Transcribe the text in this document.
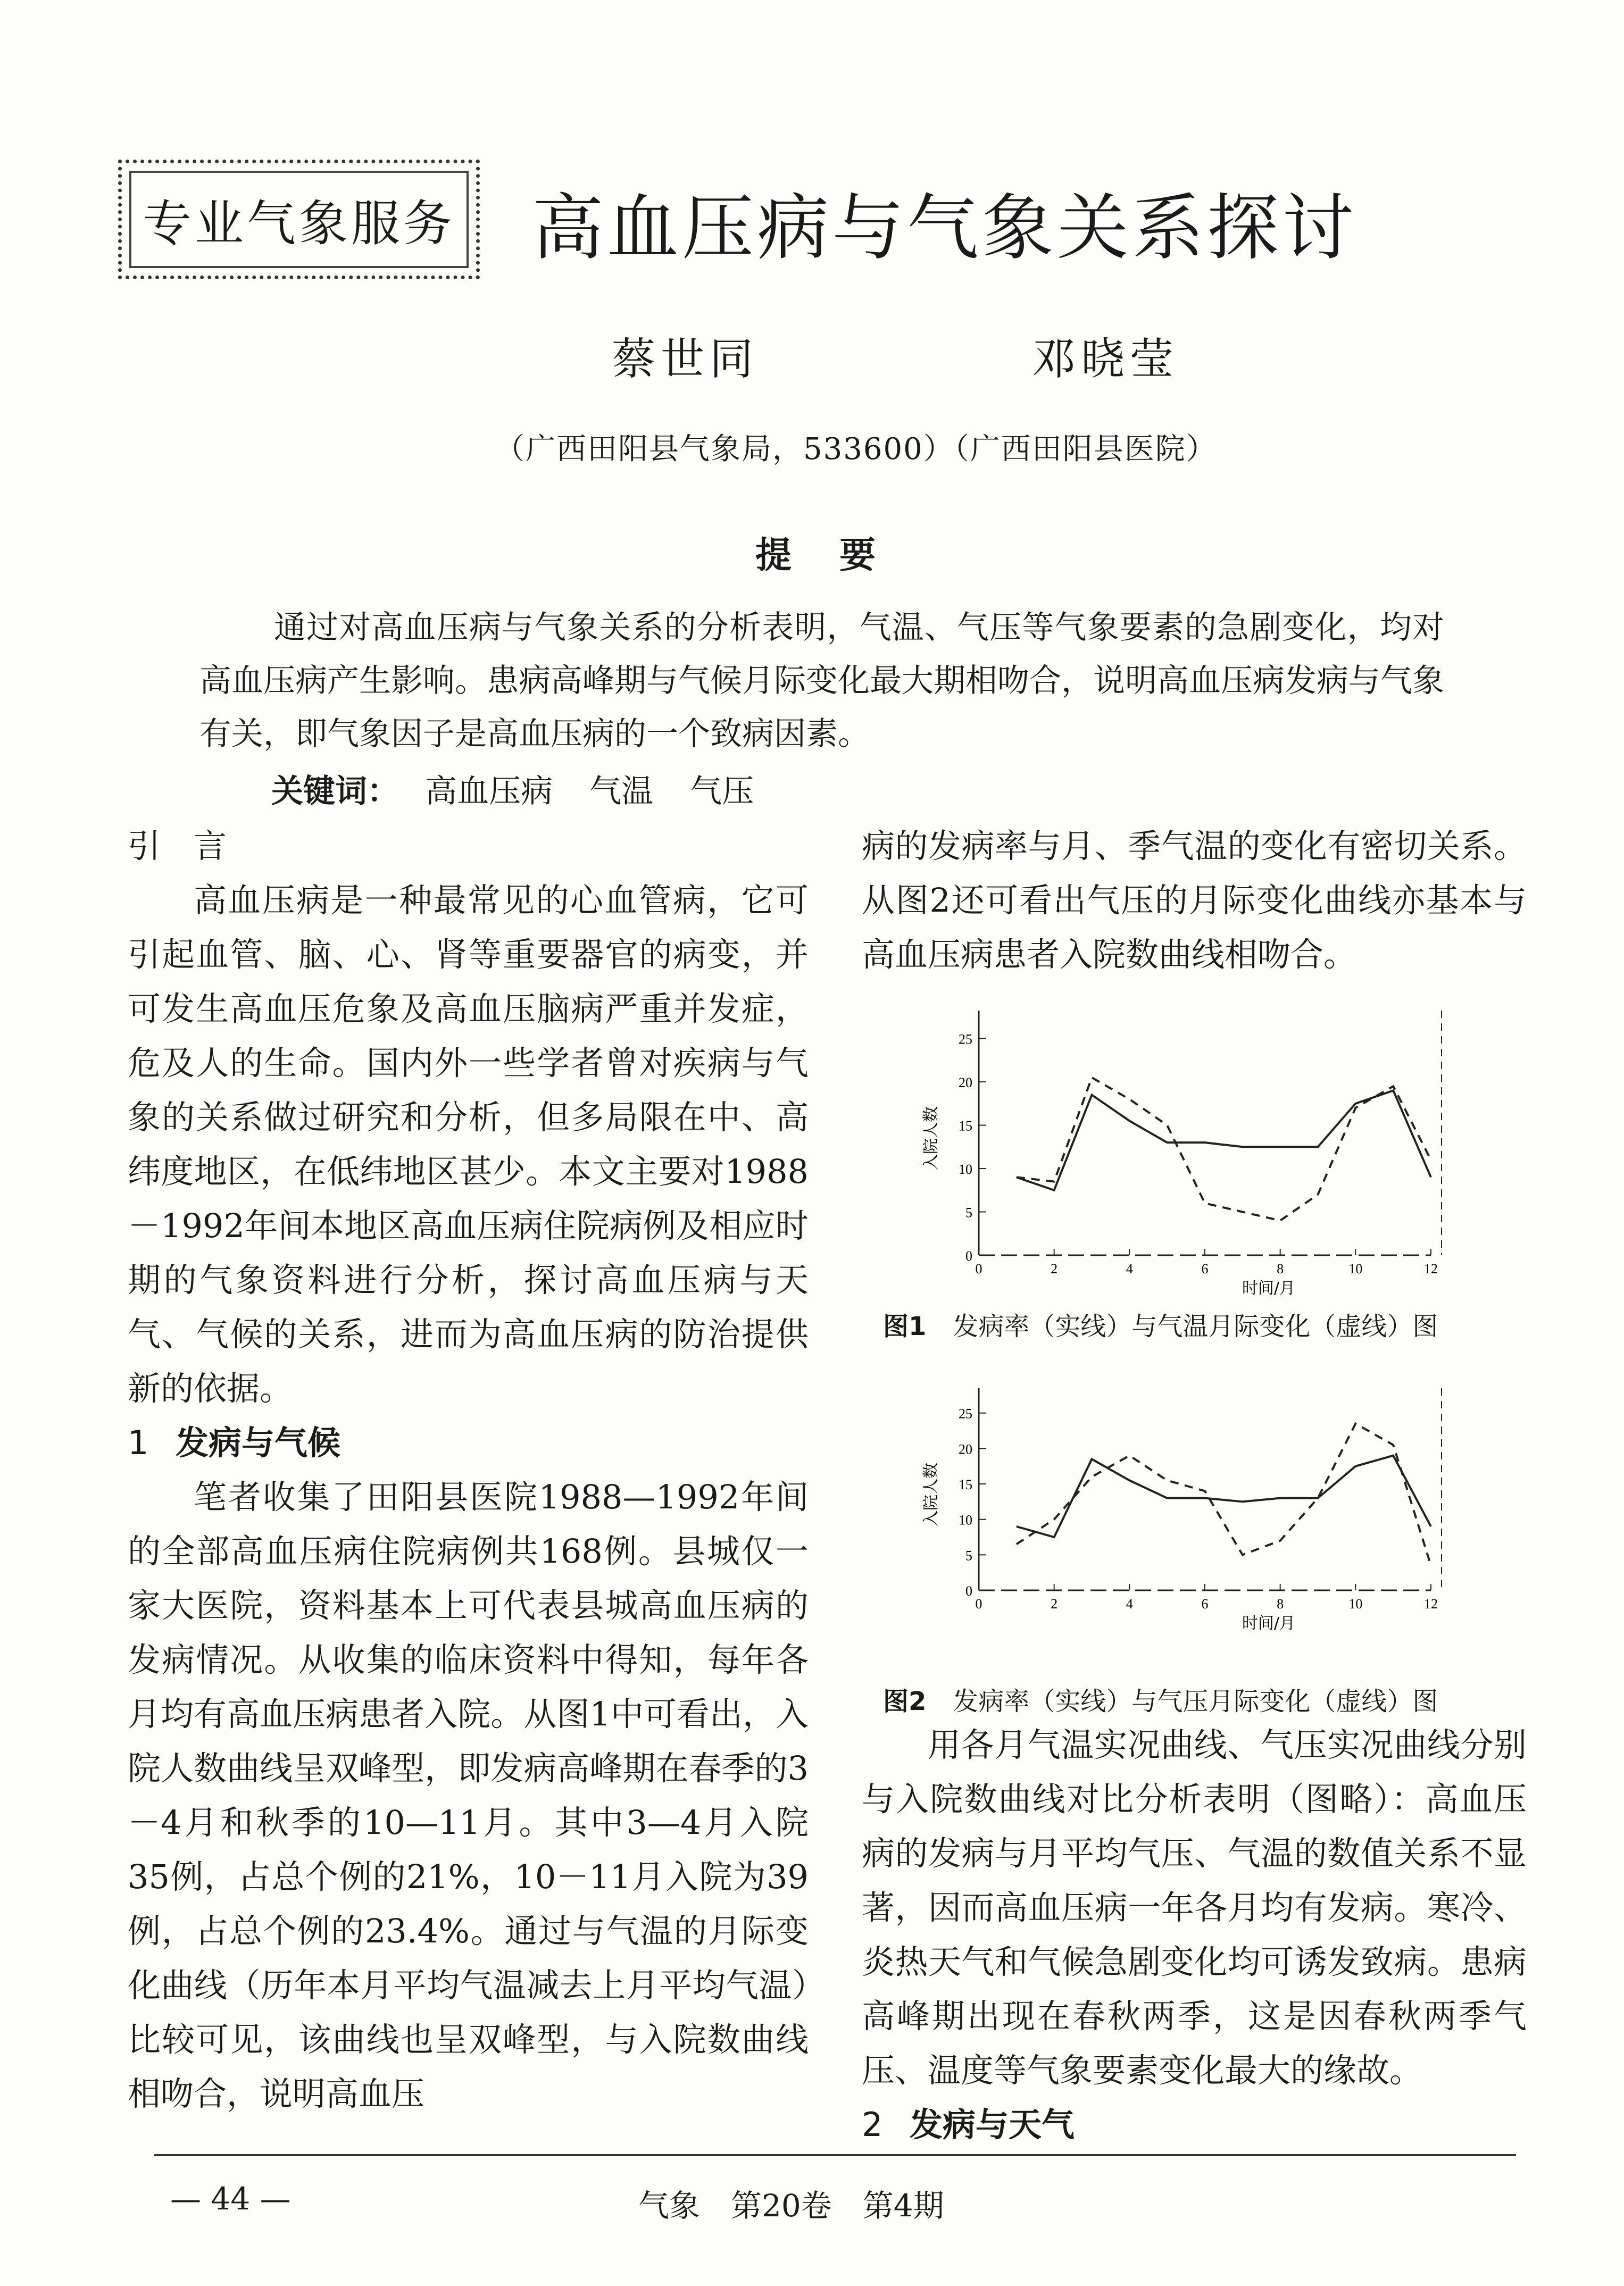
专业气象服务 高血压病与气象关系探讨
蔡世同	邓晓莹
（广西田阳县气象局，533600）（广西田阳县医院）
提要
通过对高血压病与气象关系的分析表明，气温、气压等气象要素的急剧变化，均对高血压病产生影响。患病高峰期与气候月际变化最大期相吻合，说明高血压病发病与气象有关，即气象因子是高血压病的一个致病因素。
关键词： 高血压病 气温 气压
引　言

高血压病是一种最常见的心血管病，它可引起血管、脑、心、肾等重要器官的病变，并可发生高血压危象及高血压脑病严重并发症，危及人的生命。国内外一些学者曾对疾病与气象的关系做过研究和分析，但多局限在中、高纬度地区，在低纬地区甚少。本文主要对1988－1992年间本地区高血压病住院病例及相应时期的气象资料进行分析，探讨高血压病与天气、气候的关系，进而为高血压病的防治提供新的依据。

1 发病与气候

笔者收集了田阳县医院1988—1992年间的全部高血压病住院病例共168例。县城仅一家大医院，资料基本上可代表县城高血压病的发病情况。从收集的临床资料中得知，每年各月均有高血压病患者入院。从图1中可看出，入院人数曲线呈双峰型，即发病高峰期在春季的3－4月和秋季的10—11月。其中3—4月入院35例，占总个例的21%，10－11月入院为39例，占总个例的23.4%。通过与气温的月际变化曲线（历年本月平均气温减去上月平均气温）比较可见，该曲线也呈双峰型，与入院数曲线相吻合，说明高血压

病的发病率与月、季气温的变化有密切关系。从图2还可看出气压的月际变化曲线亦基本与高血压病患者入院数曲线相吻合。

0
5
10
15
20
25
0	2	4	6	8	10	12
入院人数
时间/月
图1 发病率（实线）与气温月际变化（虚线）图
0
5
10
15
20
25
0	2	4	6	8	10	12
入院人数
时间/月
图2 发病率（实线）与气压月际变化（虚线）图

用各月气温实况曲线、气压实况曲线分别与入院数曲线对比分析表明（图略）：高血压病的发病与月平均气压、气温的数值关系不显著，因而高血压病一年各月均有发病。寒冷、炎热天气和气候急剧变化均可诱发致病。患病高峰期出现在春秋两季，这是因春秋两季气压、温度等气象要素变化最大的缘故。

2 发病与天气
— 44 —	气象　第20卷　第4期
